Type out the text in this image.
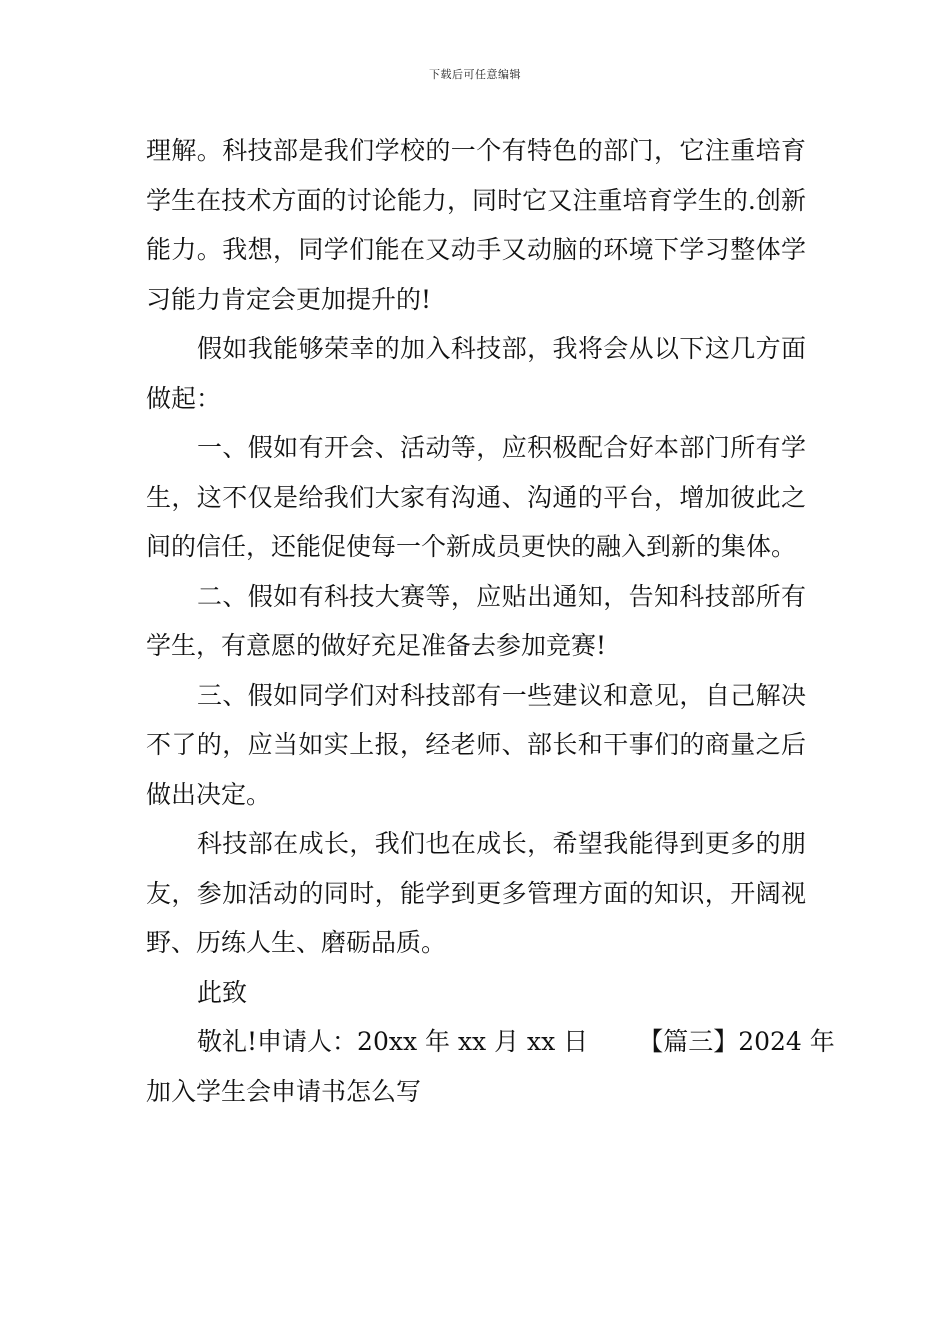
下载后可任意编辑

理解。科技部是我们学校的一个有特色的部门，它注重培育学生在技术方面的讨论能力，同时它又注重培育学生的.创新能力。我想，同学们能在又动手又动脑的环境下学习整体学习能力肯定会更加提升的!

假如我能够荣幸的加入科技部，我将会从以下这几方面做起：

一、假如有开会、活动等，应积极配合好本部门所有学生，这不仅是给我们大家有沟通、沟通的平台，增加彼此之间的信任，还能促使每一个新成员更快的融入到新的集体。

二、假如有科技大赛等，应贴出通知，告知科技部所有学生，有意愿的做好充足准备去参加竞赛!

三、假如同学们对科技部有一些建议和意见，自己解决不了的，应当如实上报，经老师、部长和干事们的商量之后做出决定。

科技部在成长，我们也在成长，希望我能得到更多的朋友，参加活动的同时，能学到更多管理方面的知识，开阔视野、历练人生、磨砺品质。

此致

敬礼!申请人：20xx 年 xx 月 xx 日 【篇三】2024 年

加入学生会申请书怎么写
